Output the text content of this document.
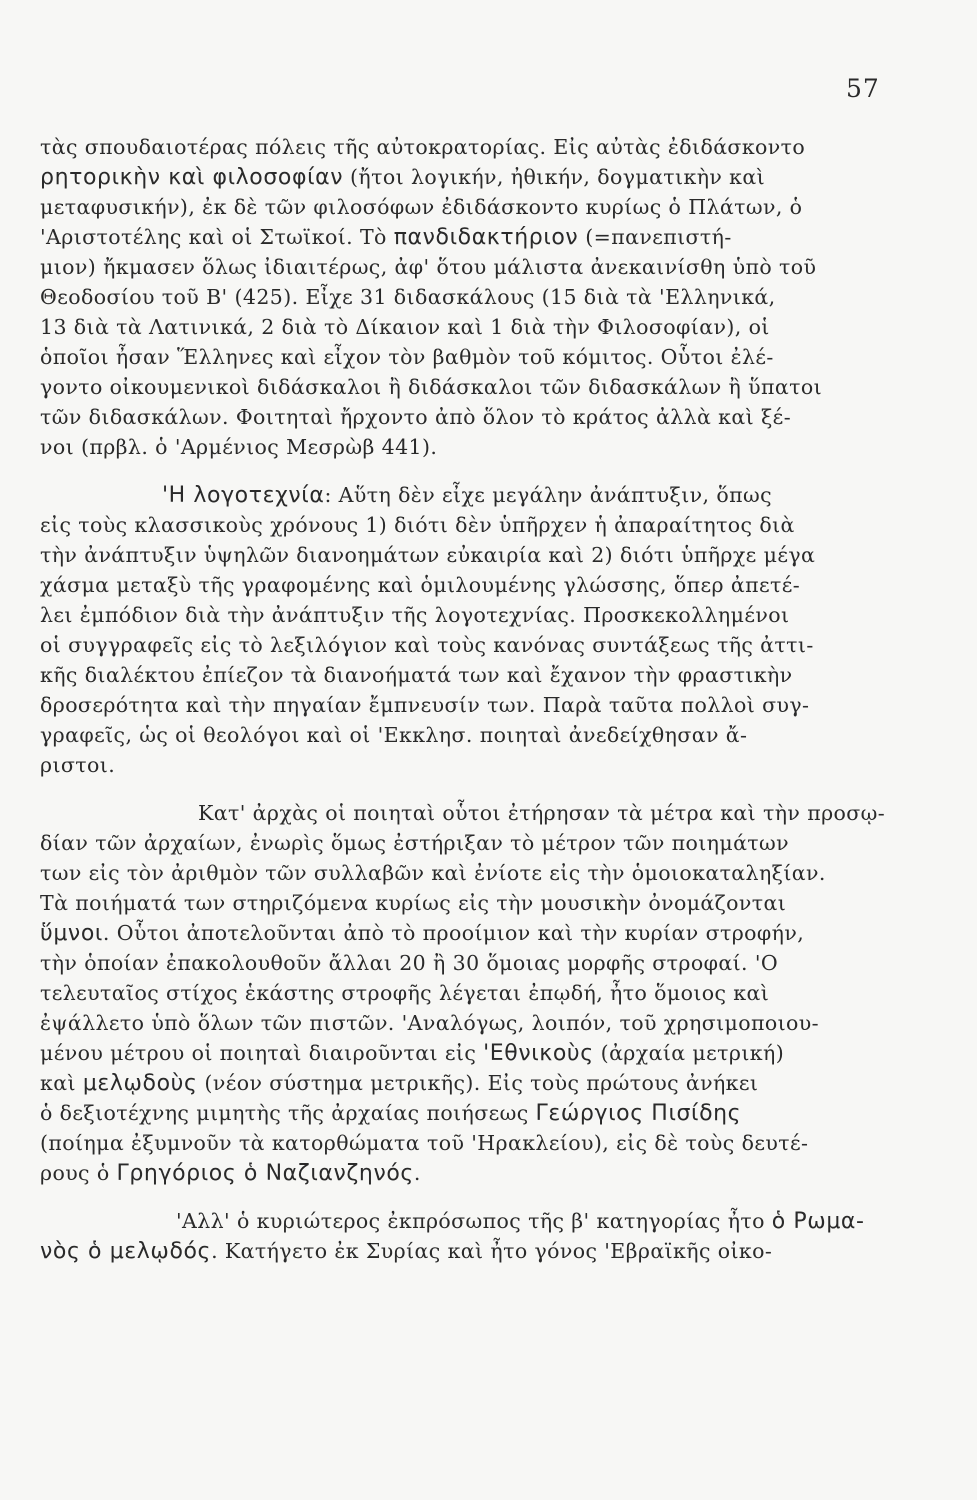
57
τὰς σπουδαιοτέρας πόλεις τῆς αὐτοκρατορίας. Εἰς αὐτὰς ἐδιδάσκοντο
ρητορικὴν καὶ φιλοσοφίαν (ἤτοι λογικήν, ἠθικήν, δογματικὴν καὶ
μεταφυσικήν), ἐκ δὲ τῶν φιλοσόφων ἐδιδάσκοντο κυρίως ὁ Πλάτων, ὁ
'Αριστοτέλης καὶ οἱ Στωϊκοί. Τὸ πανδιδακτήριον (=πανεπιστή-
μιον) ἤκμασεν ὅλως ἰδιαιτέρως, ἀφ' ὅτου μάλιστα ἀνεκαινίσθη ὑπὸ τοῦ
Θεοδοσίου τοῦ Β' (425). Εἶχε 31 διδασκάλους (15 διὰ τὰ 'Ελληνικά,
13 διὰ τὰ Λατινικά, 2 διὰ τὸ Δίκαιον καὶ 1 διὰ τὴν Φιλοσοφίαν), οἱ
ὁποῖοι ἦσαν Ἕλληνες καὶ εἶχον τὸν βαθμὸν τοῦ κόμιτος. Οὗτοι ἐλέ-
γοντο οἰκουμενικοὶ διδάσκαλοι ἢ διδάσκαλοι τῶν διδασκάλων ἢ ὕπατοι
τῶν διδασκάλων. Φοιτηταὶ ἤρχοντο ἀπὸ ὅλον τὸ κράτος ἀλλὰ καὶ ξέ-
νοι (πρβλ. ὁ 'Αρμένιος Μεσρὼβ 441).
'Η λογοτεχνία: Αὕτη δὲν εἶχε μεγάλην ἀνάπτυξιν, ὅπως
εἰς τοὺς κλασσικοὺς χρόνους 1) διότι δὲν ὑπῆρχεν ἡ ἀπαραίτητος διὰ
τὴν ἀνάπτυξιν ὑψηλῶν διανοημάτων εὐκαιρία καὶ 2) διότι ὑπῆρχε μέγα
χάσμα μεταξὺ τῆς γραφομένης καὶ ὁμιλουμένης γλώσσης, ὅπερ ἀπετέ-
λει ἐμπόδιον διὰ τὴν ἀνάπτυξιν τῆς λογοτεχνίας. Προσκεκολλημένοι
οἱ συγγραφεῖς εἰς τὸ λεξιλόγιον καὶ τοὺς κανόνας συντάξεως τῆς ἀττι-
κῆς διαλέκτου ἐπίεζον τὰ διανοήματά των καὶ ἔχανον τὴν φραστικὴν
δροσερότητα καὶ τὴν πηγαίαν ἔμπνευσίν των. Παρὰ ταῦτα πολλοὶ συγ-
γραφεῖς, ὡς οἱ θεολόγοι καὶ οἱ 'Εκκλησ. ποιηταὶ ἀνεδείχθησαν ἄ-
ριστοι.
Κατ' ἀρχὰς οἱ ποιηταὶ οὗτοι ἐτήρησαν τὰ μέτρα καὶ τὴν προσῳ-
δίαν τῶν ἀρχαίων, ἐνωρὶς ὅμως ἐστήριξαν τὸ μέτρον τῶν ποιημάτων
των εἰς τὸν ἀριθμὸν τῶν συλλαβῶν καὶ ἐνίοτε εἰς τὴν ὁμοιοκαταληξίαν.
Τὰ ποιήματά των στηριζόμενα κυρίως εἰς τὴν μουσικὴν ὀνομάζονται
ὕμνοι. Οὗτοι ἀποτελοῦνται ἀπὸ τὸ προοίμιον καὶ τὴν κυρίαν στροφήν,
τὴν ὁποίαν ἐπακολουθοῦν ἄλλαι 20 ἢ 30 ὅμοιας μορφῆς στροφαί. 'Ο
τελευταῖος στίχος ἑκάστης στροφῆς λέγεται ἐπῳδή, ἦτο ὅμοιος καὶ
ἐψάλλετο ὑπὸ ὅλων τῶν πιστῶν. 'Αναλόγως, λοιπόν, τοῦ χρησιμοποιου-
μένου μέτρου οἱ ποιηταὶ διαιροῦνται εἰς 'Εθνικοὺς (ἀρχαία μετρική)
καὶ μελῳδοὺς (νέον σύστημα μετρικῆς). Εἰς τοὺς πρώτους ἀνήκει
ὁ δεξιοτέχνης μιμητὴς τῆς ἀρχαίας ποιήσεως Γεώργιος Πισίδης
(ποίημα ἐξυμνοῦν τὰ κατορθώματα τοῦ 'Ηρακλείου), εἰς δὲ τοὺς δευτέ-
ρους ὁ Γρηγόριος ὁ Ναζιανζηνός.
'Αλλ' ὁ κυριώτερος ἐκπρόσωπος τῆς β' κατηγορίας ἦτο ὁ Ρωμα-
νὸς ὁ μελῳδός. Κατήγετο ἐκ Συρίας καὶ ἦτο γόνος 'Εβραϊκῆς οἰκο-
